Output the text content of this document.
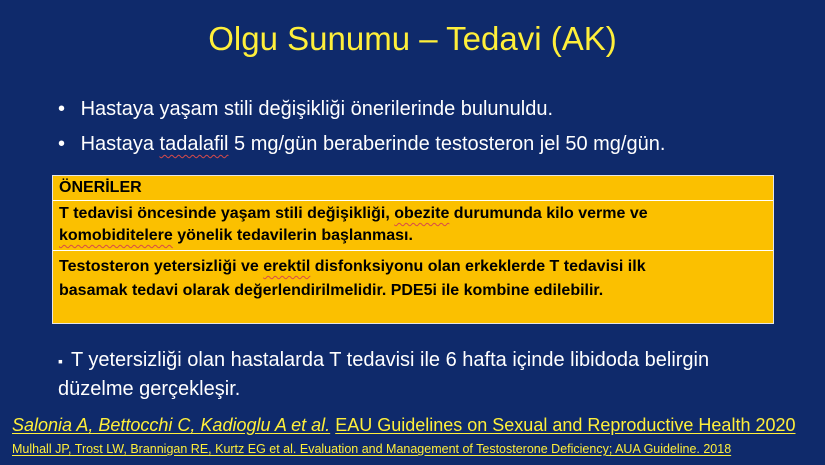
Olgu Sunumu – Tedavi (AK)
• Hastaya yaşam stili değişikliği önerilerinde bulunuldu.
• Hastaya tadalafil 5 mg/gün beraberinde testosteron jel 50 mg/gün.
ÖNERİLER
T tedavisi öncesinde yaşam stili değişikliği, obezite durumunda kilo verme ve
komobiditelere yönelik tedavilerin başlanması.
Testosteron yetersizliği ve erektil disfonksiyonu olan erkeklerde T tedavisi ilk
basamak tedavi olarak değerlendirilmelidir. PDE5i ile kombine edilebilir.
▪ T yetersizliği olan hastalarda T tedavisi ile 6 hafta içinde libidoda belirgin düzelme gerçekleşir.
Salonia A, Bettocchi C, Kadioglu A et al. EAU Guidelines on Sexual and Reproductive Health 2020
Mulhall JP, Trost LW, Brannigan RE, Kurtz EG et al. Evaluation and Management of Testosterone Deficiency; AUA Guideline. 2018
